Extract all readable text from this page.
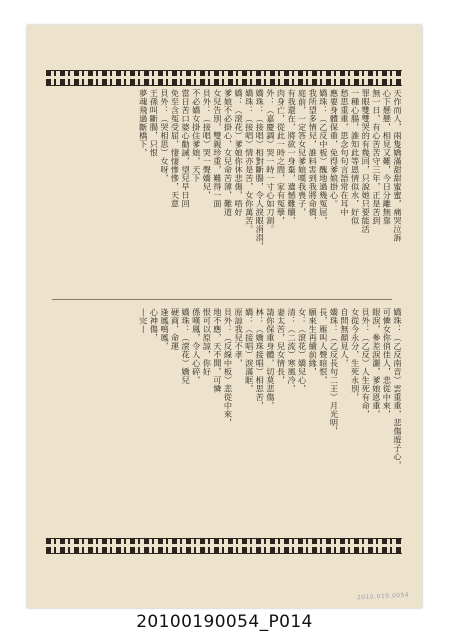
天作而人，兩隻嬌滿甜甜蜜蜜，痛哭泣訴
心下懸懸，相見又難，今日分離無靠
無一日，有心苦苦守三年，正是苦到
罪眼雙雙哭的有幾回，只說她只要能活
一種心腸，誰知此等恩情似水，好似
愁思重重，思念句句言語常在耳中
應要身體保重，免得爹娘掛心。
嬌珠：（乙反中板）醜地過幾冤屈，
我所望多情兒，誰料害到我將命償，
庭前，一定答女兒爹娘嘆我喪子，
有我還在，將欲一身棄，遺憾難贖，
肉身亡，從此一時之間，家有冤孽，
外：（嘉慶調）哭一時一寸心如刀割。
嬌珠：（接唱）相對斷腸，令人淚眼涓涓，
嬌珠：（接唱）情亦是苦，女你萬苦。
嬌：（滾花）爹娘你休悲傷，唔好
爹娘不必掛心，女兒命苦薄，難道
女兒告別，雙親珍重，難得一面
貝外：（接唱）哭一聲嬌兒，
不必嬌女掛住爹娘，天下
當日苦口婆心勸誡，望兒早日回
免至含冤受屈，悽悽慘慘，天意
貝外：（哭相思）女呀，
王孫叫斷腸，只恨
夢魂飛過斷橋下，
嬌珠：（乙反南音）雲重重，悲傷遊子心，
可憐女你俏佳人，悲從中來，
眼淚，參差淚灑，爹娘恩重，
貝外：（乙反）人生死有命，
女從今永分，生死永別，
自問無顏見人，
嬌珠：（乙反長句二王）月光明，
長，雁叫人聲暗恨，
願來生再續前緣，
女：（滾花）嬌兒心，
清：（二流）寒風冷，
妻太苦，兒女情長，
請你保重身體，切莫悲傷，
林：（嬌珠接唱）相思苦，
嬌：（接唱）淚滿眶，
原諒我兒不孝，
貝外：（反線中板）悲從中來，
地不應，天不聞，可憐
恨可以原諒，你好
係嘆鳳，令人心碎，
嬌珠：（滾花）嬌兒
硬商，命運
逢鳳鳴鳳，
心神傷，
—完—
2010.019.0054
20100190054_P014
